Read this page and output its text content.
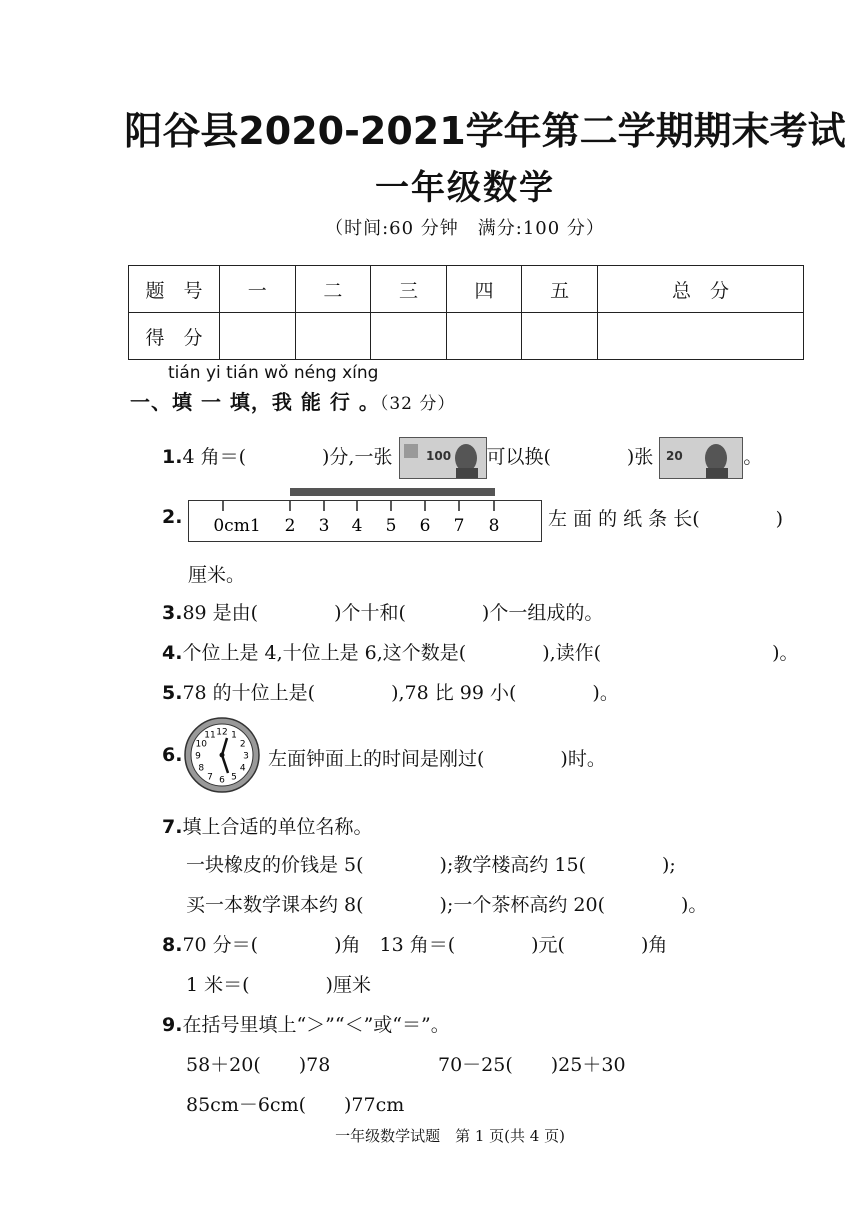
阳谷县2020-2021学年第二学期期末考试
一年级数学
（时间:60 分钟　满分:100 分）
题　号	一	二	三	四	五	总　分
得　分						
tián yi tián wǒ néng xíng
一、填 一 填，我 能 行 。（32 分）
1.4 角＝(　　　　)分,一张	100 可以换(　　　　)张 20	。
2. 0cm1 2 3 4 5 6 7 8	左 面 的 纸 条 长(　　　　)
厘米。
3.89 是由(　　　　)个十和(　　　　)个一组成的。
4.个位上是 4,十位上是 6,这个数是(　　　　),读作(　　　　　　　　　)。
5.78 的十位上是(　　　　),78 比 99 小(　　　　)。
6.
12 1
2
3
4
5
6
7
8
9
10
11
左面钟面上的时间是刚过(　　　　)时。
7.填上合适的单位名称。
一块橡皮的价钱是 5(　　　　);教学楼高约 15(　　　　);
买一本数学课本约 8(　　　　);一个茶杯高约 20(　　　　)。
8.70 分＝(　　　　)角　13 角＝(　　　　)元(　　　　)角
1 米＝(　　　　)厘米
9.在括号里填上“＞”“＜”或“＝”。
58＋20(　　)78	70－25(　　)25＋30
85cm－6cm(　　)77cm
一年级数学试题　第 1 页(共 4 页)
